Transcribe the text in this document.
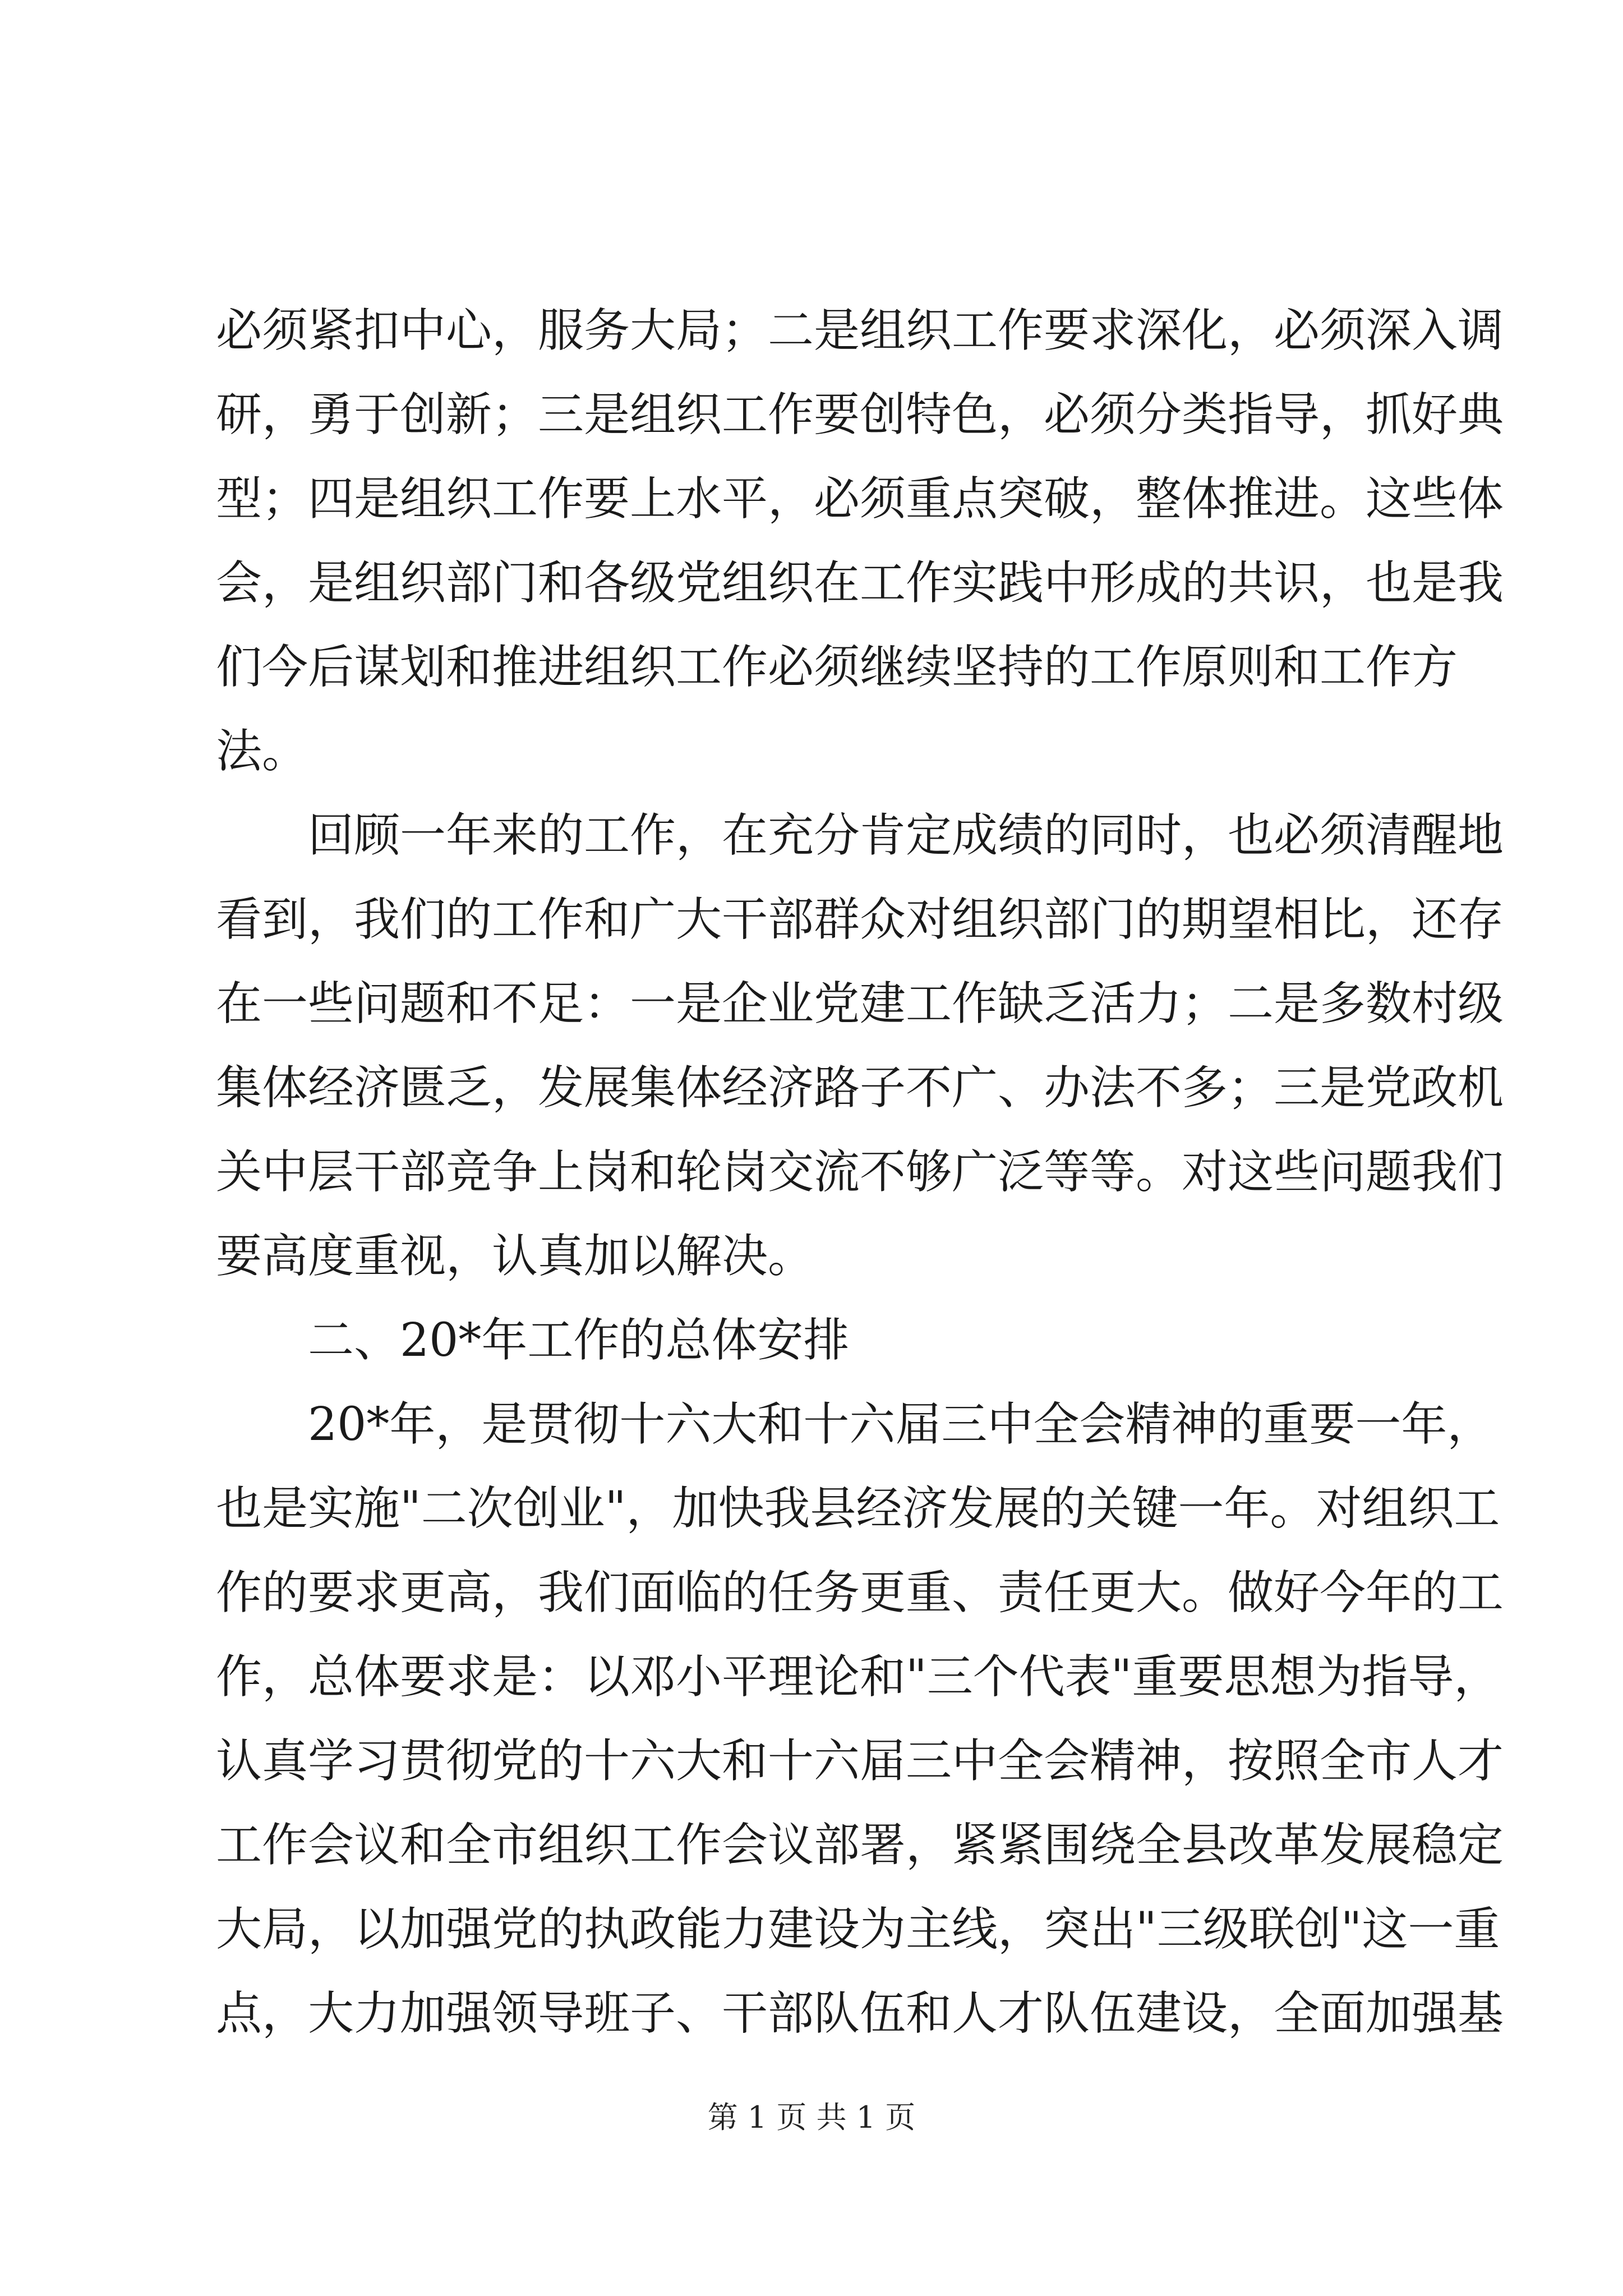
必须紧扣中心，服务大局；二是组织工作要求深化，必须深入调
研，勇于创新；三是组织工作要创特色，必须分类指导，抓好典
型；四是组织工作要上水平，必须重点突破，整体推进。这些体
会，是组织部门和各级党组织在工作实践中形成的共识，也是我
们今后谋划和推进组织工作必须继续坚持的工作原则和工作方
法。
回顾一年来的工作，在充分肯定成绩的同时，也必须清醒地
看到，我们的工作和广大干部群众对组织部门的期望相比，还存
在一些问题和不足：一是企业党建工作缺乏活力；二是多数村级
集体经济匮乏，发展集体经济路子不广、办法不多；三是党政机
关中层干部竞争上岗和轮岗交流不够广泛等等。对这些问题我们
要高度重视，认真加以解决。
二、20*年工作的总体安排
20*年，是贯彻十六大和十六届三中全会精神的重要一年，
也是实施"二次创业"，加快我县经济发展的关键一年。对组织工
作的要求更高，我们面临的任务更重、责任更大。做好今年的工
作，总体要求是：以邓小平理论和"三个代表"重要思想为指导，
认真学习贯彻党的十六大和十六届三中全会精神，按照全市人才
工作会议和全市组织工作会议部署，紧紧围绕全县改革发展稳定
大局，以加强党的执政能力建设为主线，突出"三级联创"这一重
点，大力加强领导班子、干部队伍和人才队伍建设，全面加强基
第 1 页 共 1 页
